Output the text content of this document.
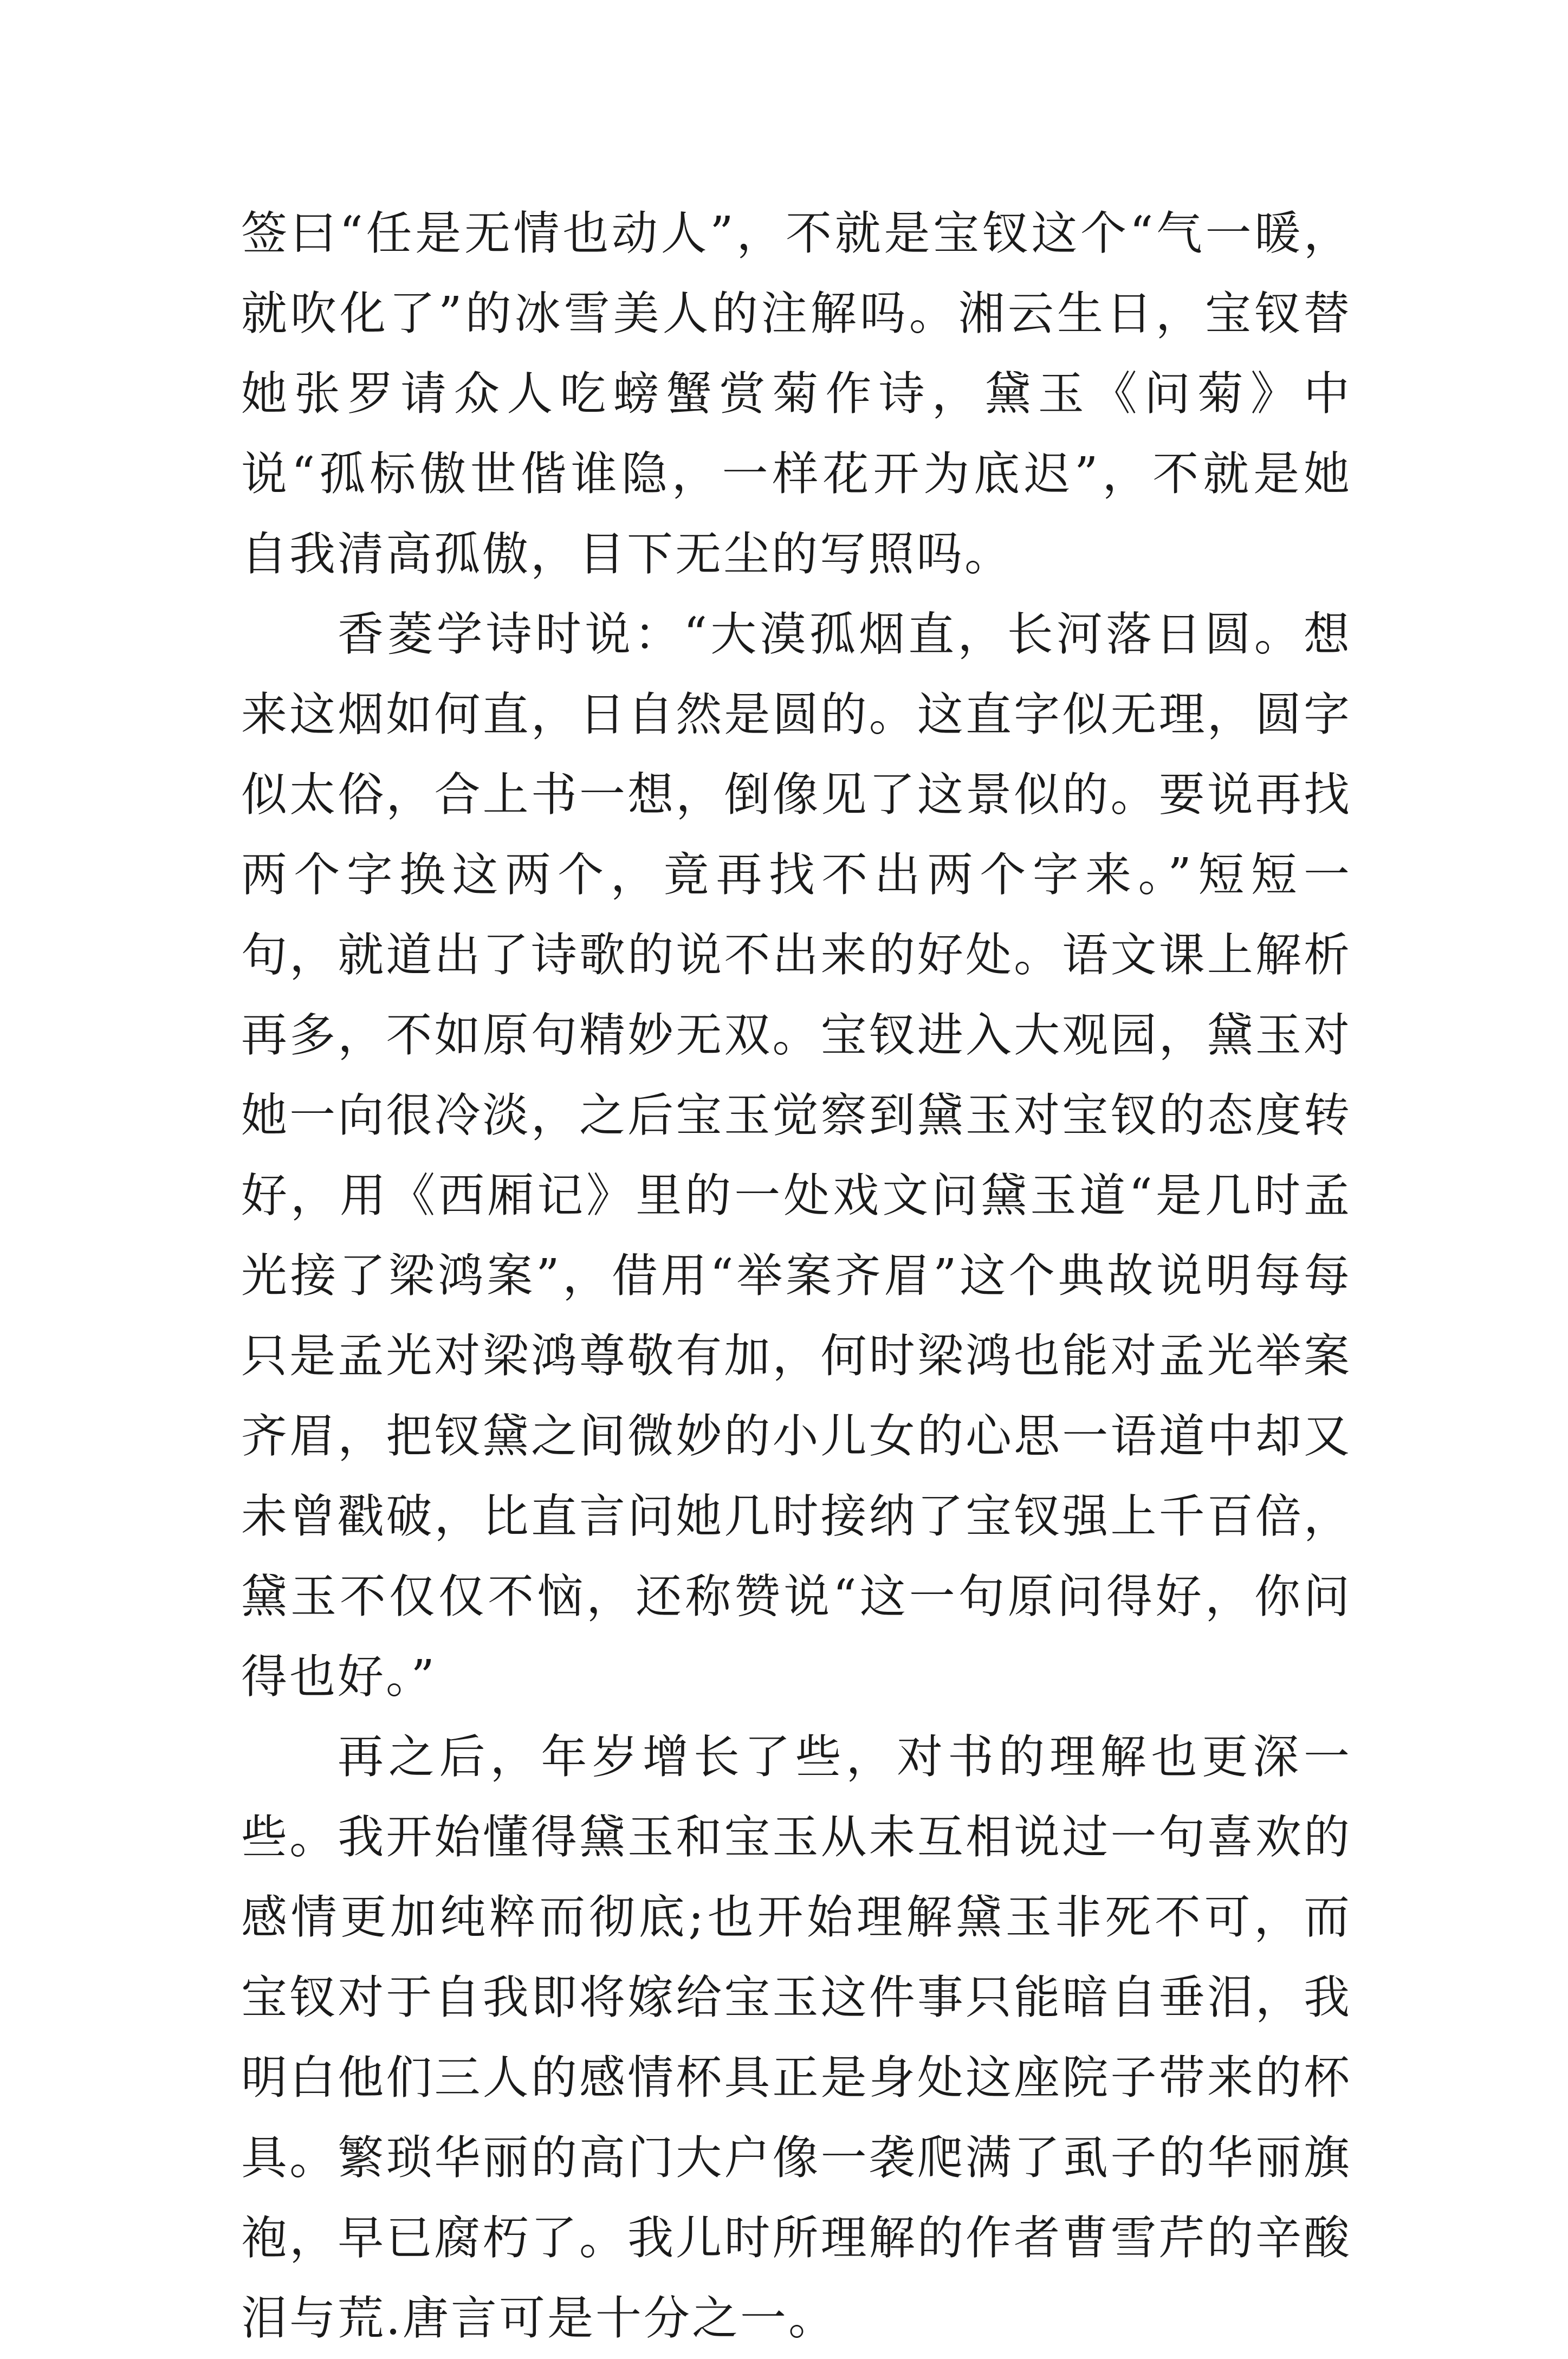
签曰“任是无情也动人”，不就是宝钗这个“气一暖，就吹化了”的冰雪美人的注解吗。湘云生日，宝钗替她张罗请众人吃螃蟹赏菊作诗，黛玉《问菊》中说“孤标傲世偕谁隐，一样花开为底迟”，不就是她自我清高孤傲，目下无尘的写照吗。

香菱学诗时说：“大漠孤烟直，长河落日圆。想来这烟如何直，日自然是圆的。这直字似无理，圆字似太俗，合上书一想，倒像见了这景似的。要说再找两个字换这两个，竟再找不出两个字来。”短短一句，就道出了诗歌的说不出来的好处。语文课上解析再多，不如原句精妙无双。宝钗进入大观园，黛玉对她一向很冷淡，之后宝玉觉察到黛玉对宝钗的态度转好，用《西厢记》里的一处戏文问黛玉道“是几时孟光接了梁鸿案”，借用“举案齐眉”这个典故说明每每只是孟光对梁鸿尊敬有加，何时梁鸿也能对孟光举案齐眉，把钗黛之间微妙的小儿女的心思一语道中却又未曾戳破，比直言问她几时接纳了宝钗强上千百倍，黛玉不仅仅不恼，还称赞说“这一句原问得好，你问得也好。”

再之后，年岁增长了些，对书的理解也更深一些。我开始懂得黛玉和宝玉从未互相说过一句喜欢的感情更加纯粹而彻底;也开始理解黛玉非死不可，而宝钗对于自我即将嫁给宝玉这件事只能暗自垂泪，我明白他们三人的感情杯具正是身处这座院子带来的杯具。繁琐华丽的高门大户像一袭爬满了虱子的华丽旗袍，早已腐朽了。我儿时所理解的作者曹雪芹的辛酸泪与荒.唐言可是十分之一。
